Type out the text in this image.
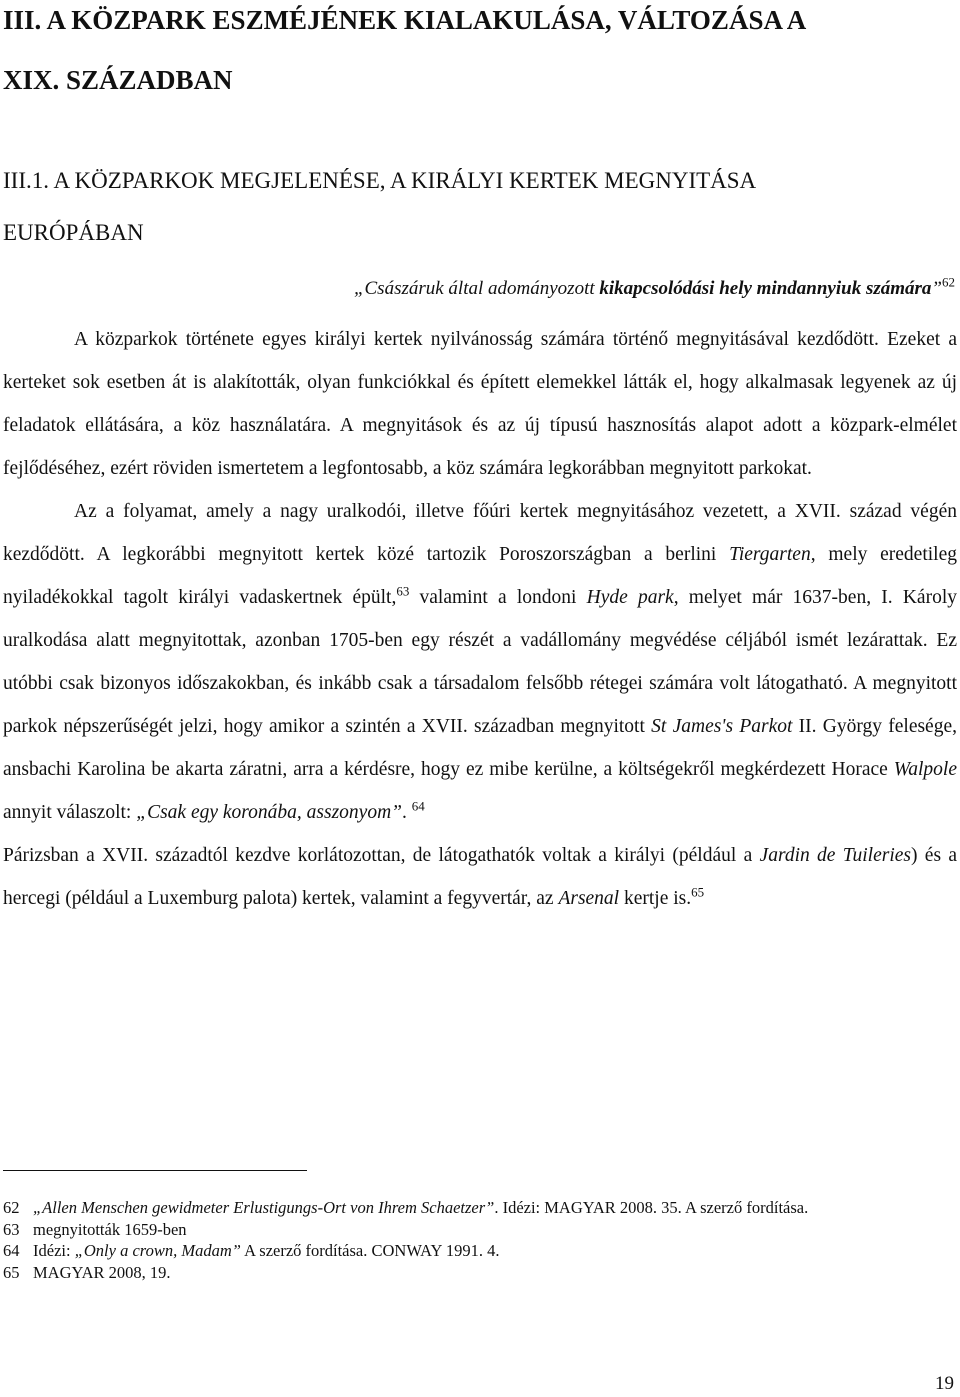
III. A KÖZPARK ESZMÉJÉNEK KIALAKULÁSA, VÁLTOZÁSA A
XIX. SZÁZADBAN
III.1. A KÖZPARKOK MEGJELENÉSE, A KIRÁLYI KERTEK MEGNYITÁSA
EURÓPÁBAN
„Császáruk által adományozott kikapcsolódási hely mindannyiuk számára”$^{62}$

A közparkok története egyes királyi kertek nyilvánosság számára történő megnyitásával kezdődött. Ezeket a kerteket sok esetben át is alakították, olyan funkciókkal és épített elemekkel látták el, hogy alkalmasak legyenek az új feladatok ellátására, a köz használatára. A megnyitások és az új típusú hasznosítás alapot adott a közpark-elmélet fejlődéséhez, ezért röviden ismertetem a legfontosabb, a köz számára legkorábban megnyitott parkokat.

Az a folyamat, amely a nagy uralkodói, illetve főúri kertek megnyitásához vezetett, a XVII. század végén kezdődött. A legkorábbi megnyitott kertek közé tartozik Poroszországban a berlini Tiergarten, mely eredetileg nyiladékokkal tagolt királyi vadaskertnek épült,$^{63}$ valamint a londoni Hyde park, melyet már 1637-ben, I. Károly uralkodása alatt megnyitottak, azonban 1705-ben egy részét a vadállomány megvédése céljából ismét lezárattak. Ez utóbbi csak bizonyos időszakokban, és inkább csak a társadalom felsőbb rétegei számára volt látogatható. A megnyitott parkok népszerűségét jelzi, hogy amikor a szintén a XVII. században megnyitott St James's Parkot II. György felesége, ansbachi Karolina be akarta záratni, arra a kérdésre, hogy ez mibe kerülne, a költségekről megkérdezett Horace Walpole annyit válaszolt: „Csak egy koronába, asszonyom”. $^{64}$

Párizsban a XVII. századtól kezdve korlátozottan, de látogathatók voltak a királyi (például a Jardin de Tuileries) és a hercegi (például a Luxemburg palota) kertek, valamint a fegyvertár, az Arsenal kertje is.$^{65}$

62 „Allen Menschen gewidmeter Erlustigungs-Ort von Ihrem Schaetzer”. Idézi: MAGYAR 2008. 35. A szerző fordítása.
63 megnyitották 1659-ben
64 Idézi: „Only a crown, Madam” A szerző fordítása. CONWAY 1991. 4.
65 MAGYAR 2008, 19.
19
